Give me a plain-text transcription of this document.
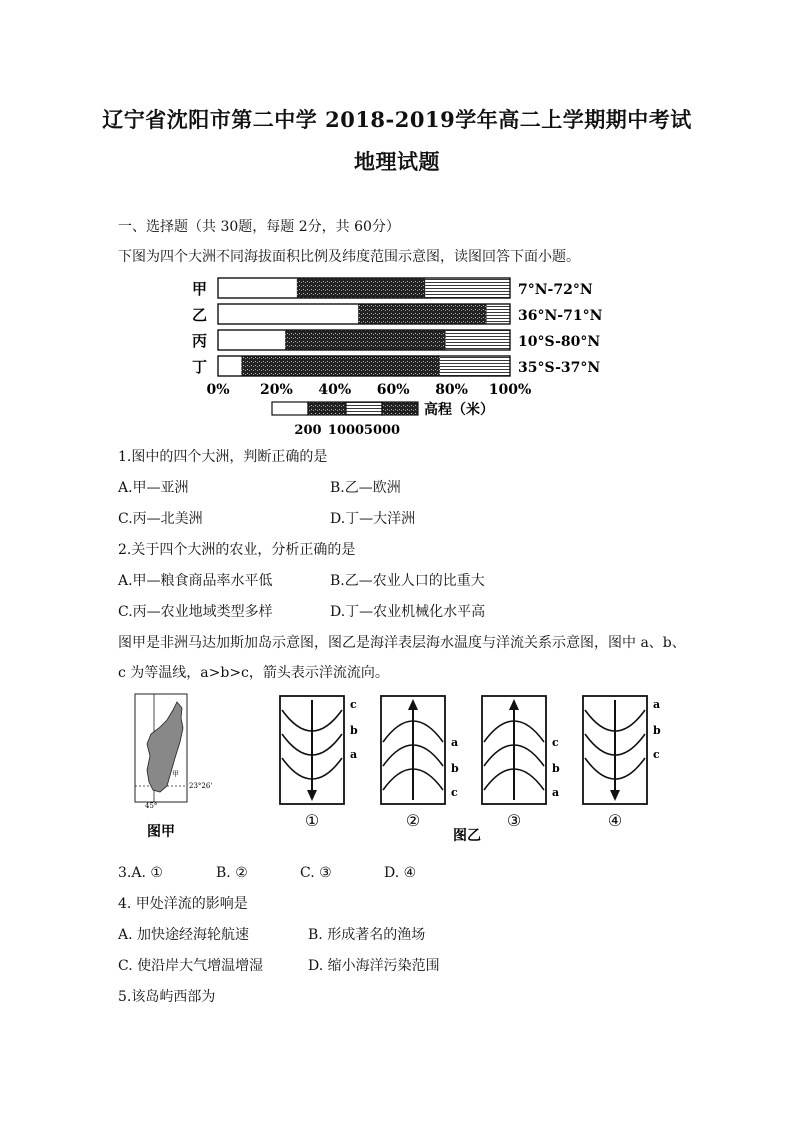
辽宁省沈阳市第二中学 2018-2019学年高二上学期期中考试
地理试题
一、选择题（共 30题，每题 2分，共 60分）
下图为四个大洲不同海拔面积比例及纬度范围示意图，读图回答下面小题。
甲	7°N-72°N
乙	36°N-71°N
丙	10°S-80°N
丁	35°S-37°N
0% 20% 40% 60% 80% 100%
高程（米）
200 1000 5000
1.图中的四个大洲，判断正确的是
A.甲—亚洲	B.乙—欧洲
C.丙—北美洲	D.丁—大洋洲
2.关于四个大洲的农业，分析正确的是
A.甲—粮食商品率水平低	B.乙—农业人口的比重大
C.丙—农业地域类型多样	D.丁—农业机械化水平高
图甲是非洲马达加斯加岛示意图，图乙是海洋表层海水温度与洋流关系示意图，图中 a、b、
c 为等温线，a>b>c，箭头表示洋流流向。
甲
23°26'
45°
图甲
c
b
a
①
a
b
c
②
c
b
a
③
a
b
c
④
图乙
3.A. ①	B. ②	C. ③	D. ④
4. 甲处洋流的影响是
A. 加快途经海轮航速	B. 形成著名的渔场
C. 使沿岸大气增温增湿	D. 缩小海洋污染范围
5.该岛屿西部为
